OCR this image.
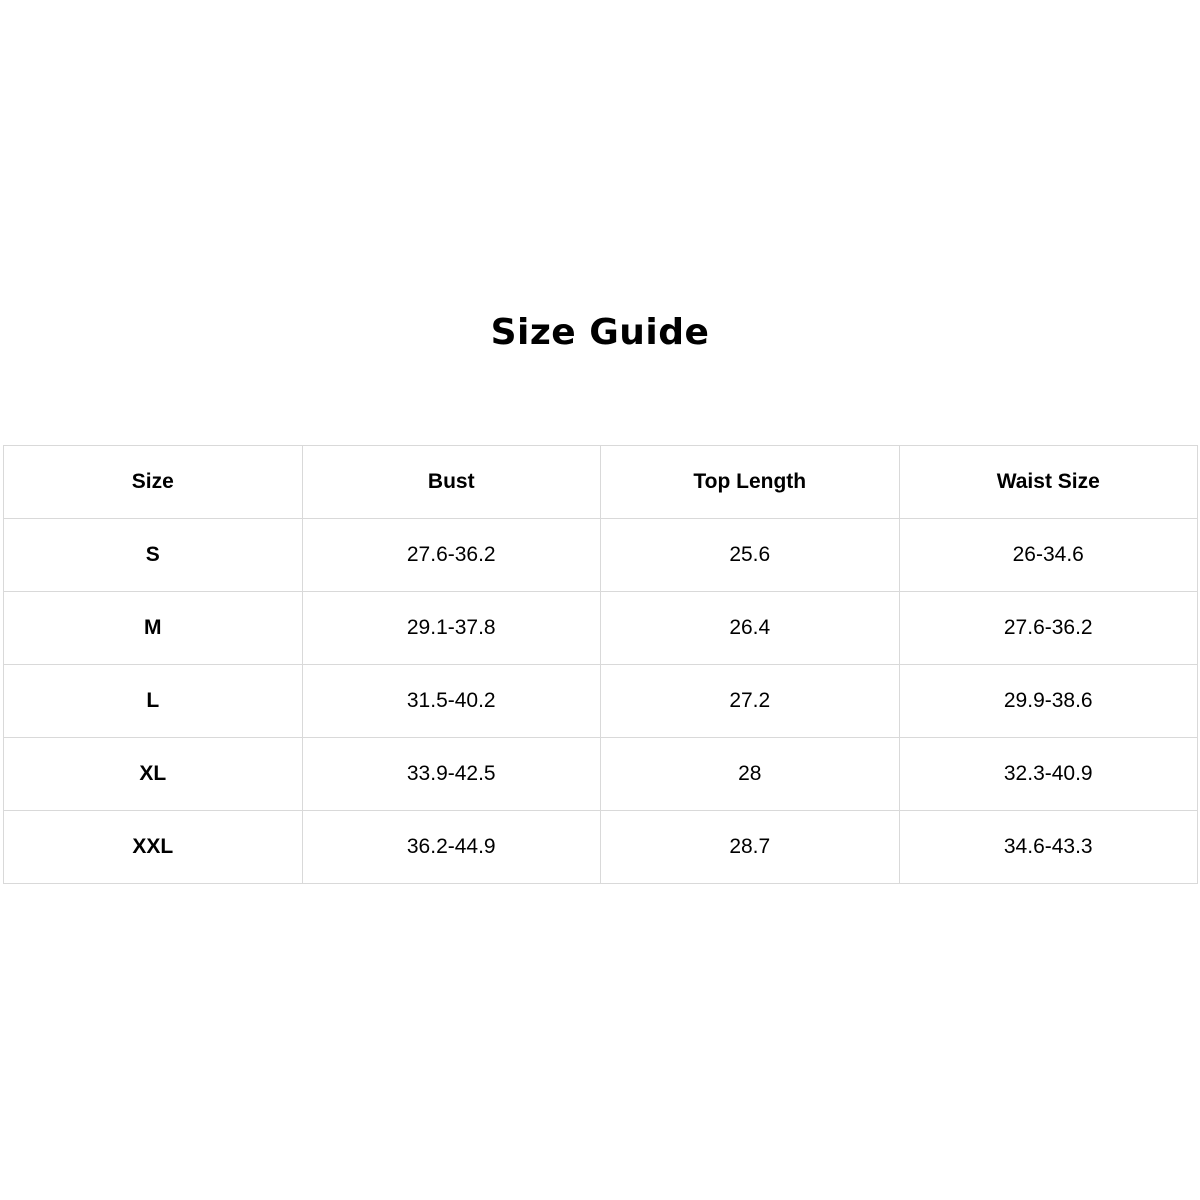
Size Guide
Size	Bust	Top Length	Waist Size
S	27.6-36.2	25.6	26-34.6
M	29.1-37.8	26.4	27.6-36.2
L	31.5-40.2	27.2	29.9-38.6
XL	33.9-42.5	28	32.3-40.9
XXL	36.2-44.9	28.7	34.6-43.3
